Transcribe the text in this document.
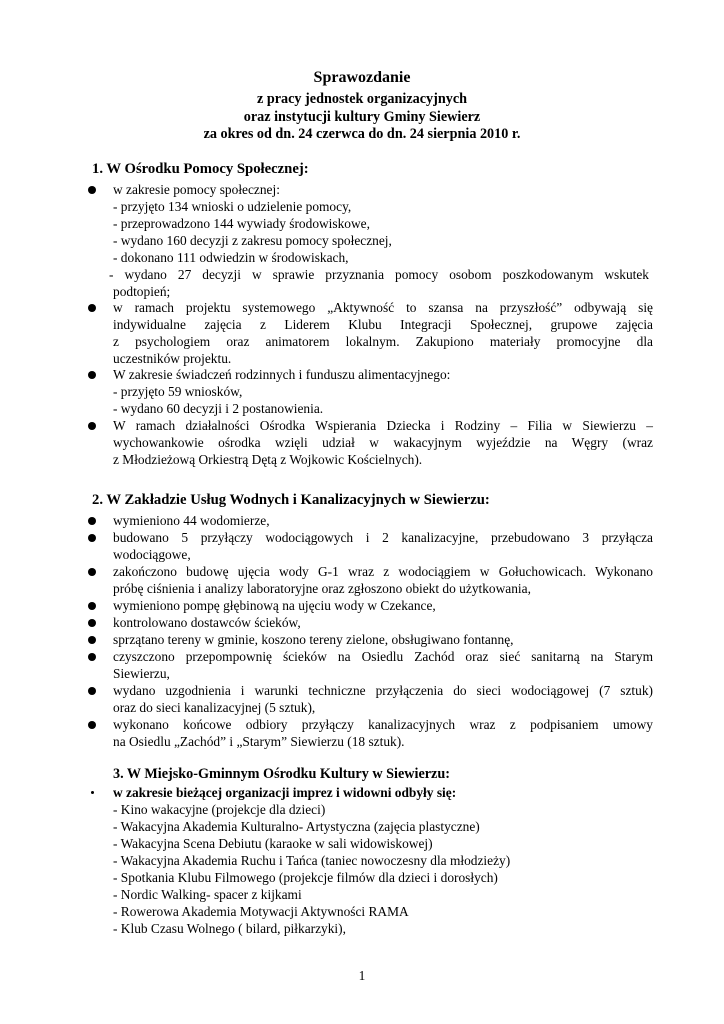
Sprawozdanie
z pracy jednostek organizacyjnych
oraz instytucji kultury Gminy Siewierz
za okres od dn. 24 czerwca do dn. 24 sierpnia 2010 r.
1. W Ośrodku Pomocy Społecznej:
w zakresie pomocy społecznej:
- przyjęto 134 wnioski o udzielenie pomocy,
- przeprowadzono 144 wywiady środowiskowe,
- wydano 160 decyzji z zakresu pomocy społecznej,
- dokonano 111 odwiedzin w środowiskach,
- wydano 27 decyzji w sprawie przyznania pomocy osobom poszkodowanym wskutek
podtopień;
w ramach projektu systemowego „Aktywność to szansa na przyszłość” odbywają się
indywidualne zajęcia z Liderem Klubu Integracji Społecznej, grupowe zajęcia
z psychologiem oraz animatorem lokalnym. Zakupiono materiały promocyjne dla
uczestników projektu.
W zakresie świadczeń rodzinnych i funduszu alimentacyjnego:
- przyjęto 59 wniosków,
- wydano 60 decyzji i 2 postanowienia.
W ramach działalności Ośrodka Wspierania Dziecka i Rodziny – Filia w Siewierzu –
wychowankowie ośrodka wzięli udział w wakacyjnym wyjeździe na Węgry (wraz
z Młodzieżową Orkiestrą Dętą z Wojkowic Kościelnych).
2. W Zakładzie Usług Wodnych i Kanalizacyjnych w Siewierzu:
wymieniono 44 wodomierze,
budowano 5 przyłączy wodociągowych i 2 kanalizacyjne, przebudowano 3 przyłącza
wodociągowe,
zakończono budowę ujęcia wody G-1 wraz z wodociągiem w Gołuchowicach. Wykonano
próbę ciśnienia i analizy laboratoryjne oraz zgłoszono obiekt do użytkowania,
wymieniono pompę głębinową na ujęciu wody w Czekance,
kontrolowano dostawców ścieków,
sprzątano tereny w gminie, koszono tereny zielone, obsługiwano fontannę,
czyszczono przepompownię ścieków na Osiedlu Zachód oraz sieć sanitarną na Starym
Siewierzu,
wydano uzgodnienia i warunki techniczne przyłączenia do sieci wodociągowej (7 sztuk)
oraz do sieci kanalizacyjnej (5 sztuk),
wykonano końcowe odbiory przyłączy kanalizacyjnych wraz z podpisaniem umowy
na Osiedlu „Zachód” i „Starym” Siewierzu (18 sztuk).
3. W Miejsko-Gminnym Ośrodku Kultury w Siewierzu:
w zakresie bieżącej organizacji imprez i widowni odbyły się:
- Kino wakacyjne (projekcje dla dzieci)
- Wakacyjna Akademia Kulturalno- Artystyczna (zajęcia plastyczne)
- Wakacyjna Scena Debiutu (karaoke w sali widowiskowej)
- Wakacyjna Akademia Ruchu i Tańca (taniec nowoczesny dla młodzieży)
- Spotkania Klubu Filmowego (projekcje filmów dla dzieci i dorosłych)
- Nordic Walking- spacer z kijkami
- Rowerowa Akademia Motywacji Aktywności RAMA
- Klub Czasu Wolnego ( bilard, piłkarzyki),
1
